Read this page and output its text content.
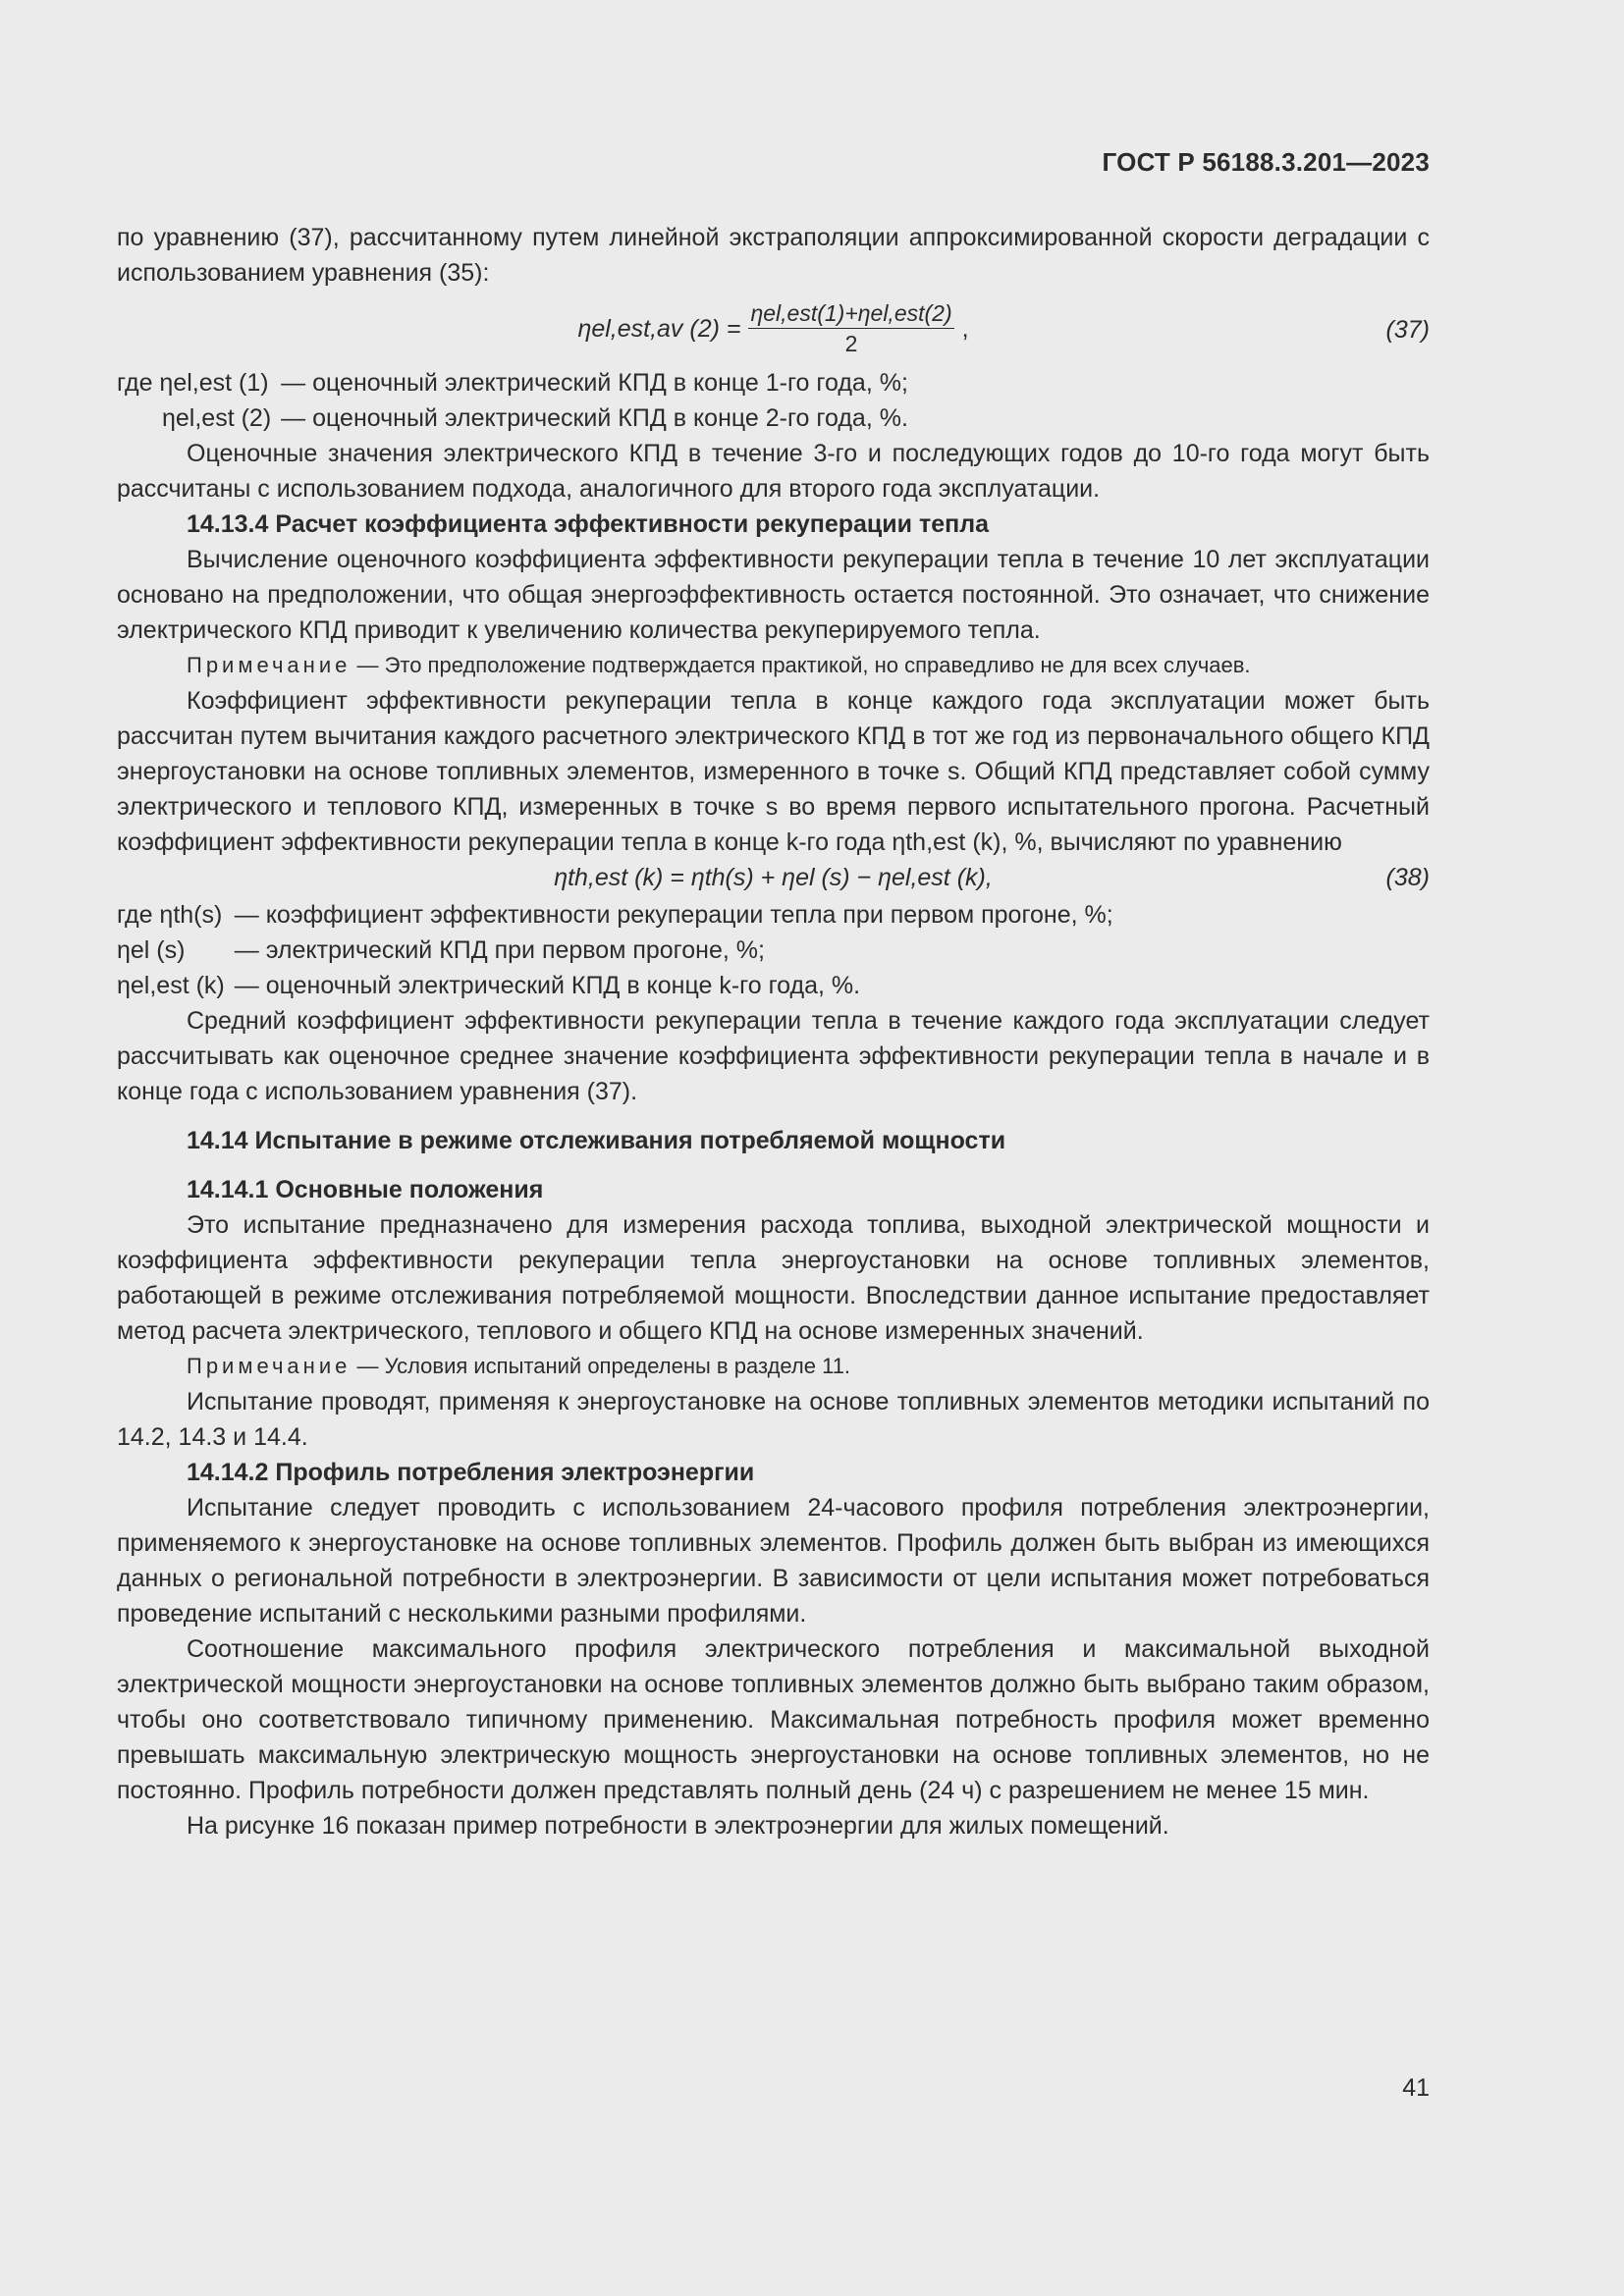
ГОСТ Р 56188.3.201—2023

по уравнению (37), рассчитанному путем линейной экстраполяции аппроксимированной скорости деградации с использованием уравнения (35):

ηel,est,av $(2) = \frac{\text{ηel,est(1)+ηel,est(2)}}{2}$ ,	(37)
где ηel,est (1) — оценочный электрический КПД в конце 1-го года, %;
ηel,est (2) — оценочный электрический КПД в конце 2-го года, %.

Оценочные значения электрического КПД в течение 3-го и последующих годов до 10-го года могут быть рассчитаны с использованием подхода, аналогичного для второго года эксплуатации.

14.13.4 Расчет коэффициента эффективности рекуперации тепла

Вычисление оценочного коэффициента эффективности рекуперации тепла в течение 10 лет эксплуатации основано на предположении, что общая энергоэффективность остается постоянной. Это означает, что снижение электрического КПД приводит к увеличению количества рекуперируемого тепла.

Примечание — Это предположение подтверждается практикой, но справедливо не для всех случаев.

Коэффициент эффективности рекуперации тепла в конце каждого года эксплуатации может быть рассчитан путем вычитания каждого расчетного электрического КПД в тот же год из первоначального общего КПД энергоустановки на основе топливных элементов, измеренного в точке s. Общий КПД представляет собой сумму электрического и теплового КПД, измеренных в точке s во время первого испытательного прогона. Расчетный коэффициент эффективности рекуперации тепла в конце k-го года ηth,est (k), %, вычисляют по уравнению

ηth,est (k) = ηth(s) + ηel (s) − ηel,est (k),	(38)
где ηth(s) — коэффициент эффективности рекуперации тепла при первом прогоне, %;
ηel (s)	— электрический КПД при первом прогоне, %;
ηel,est (k) — оценочный электрический КПД в конце k-го года, %.

Средний коэффициент эффективности рекуперации тепла в течение каждого года эксплуатации следует рассчитывать как оценочное среднее значение коэффициента эффективности рекуперации тепла в начале и в конце года с использованием уравнения (37).

14.14 Испытание в режиме отслеживания потребляемой мощности

14.14.1 Основные положения

Это испытание предназначено для измерения расхода топлива, выходной электрической мощности и коэффициента эффективности рекуперации тепла энергоустановки на основе топливных элементов, работающей в режиме отслеживания потребляемой мощности. Впоследствии данное испытание предоставляет метод расчета электрического, теплового и общего КПД на основе измеренных значений.

Примечание — Условия испытаний определены в разделе 11.

Испытание проводят, применяя к энергоустановке на основе топливных элементов методики испытаний по 14.2, 14.3 и 14.4.

14.14.2 Профиль потребления электроэнергии

Испытание следует проводить с использованием 24-часового профиля потребления электроэнергии, применяемого к энергоустановке на основе топливных элементов. Профиль должен быть выбран из имеющихся данных о региональной потребности в электроэнергии. В зависимости от цели испытания может потребоваться проведение испытаний с несколькими разными профилями.

Соотношение максимального профиля электрического потребления и максимальной выходной электрической мощности энергоустановки на основе топливных элементов должно быть выбрано таким образом, чтобы оно соответствовало типичному применению. Максимальная потребность профиля может временно превышать максимальную электрическую мощность энергоустановки на основе топливных элементов, но не постоянно. Профиль потребности должен представлять полный день (24 ч) с разрешением не менее 15 мин.

На рисунке 16 показан пример потребности в электроэнергии для жилых помещений.

41
